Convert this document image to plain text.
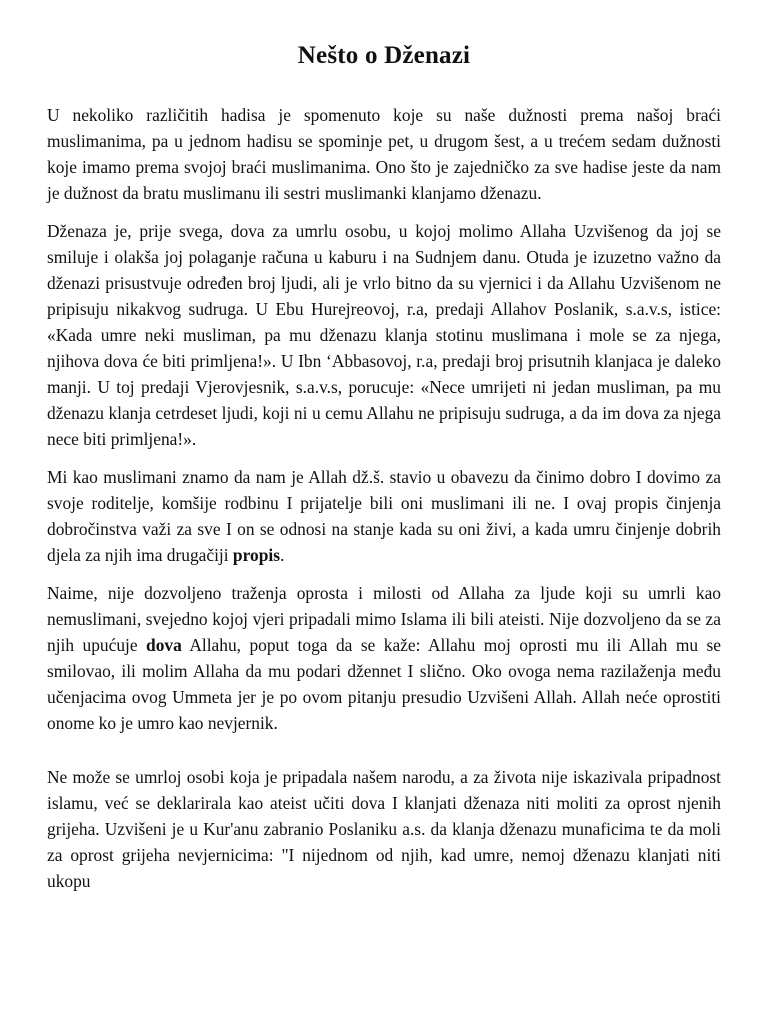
Nešto o Dženazi

U nekoliko različitih hadisa je spomenuto koje su naše dužnosti prema našoj braći muslimanima, pa u jednom hadisu se spominje pet, u drugom šest, a u trećem sedam dužnosti koje imamo prema svojoj braći muslimanima. Ono što je zajedničko za sve hadise jeste da nam je dužnost da bratu muslimanu ili sestri muslimanki klanjamo dženazu.

Dženaza je, prije svega, dova za umrlu osobu, u kojoj molimo Allaha Uzvišenog da joj se smiluje i olakša joj polaganje računa u kaburu i na Sudnjem danu. Otuda je izuzetno važno da dženazi prisustvuje određen broj ljudi, ali je vrlo bitno da su vjernici i da Allahu Uzvišenom ne pripisuju nikakvog sudruga. U Ebu Hurejreovoj, r.a, predaji Allahov Poslanik, s.a.v.s, istice: «Kada umre neki musliman, pa mu dženazu klanja stotinu muslimana i mole se za njega, njihova dova će biti primljena!». U Ibn ‘Abbasovoj, r.a, predaji broj prisutnih klanjaca je daleko manji. U toj predaji Vjerovjesnik, s.a.v.s, porucuje: «Nece umrijeti ni jedan musliman, pa mu dženazu klanja cetrdeset ljudi, koji ni u cemu Allahu ne pripisuju sudruga, a da im dova za njega nece biti primljena!».

Mi kao muslimani znamo da nam je Allah dž.š. stavio u obavezu da činimo dobro I dovimo za svoje roditelje, komšije rodbinu I prijatelje bili oni muslimani ili ne. I ovaj propis činjenja dobročinstva važi za sve I on se odnosi na stanje kada su oni živi, a kada umru činjenje dobrih djela za njih ima drugačiji propis.

Naime, nije dozvoljeno traženja oprosta i milosti od Allaha za ljude koji su umrli kao nemuslimani, svejedno kojoj vjeri pripadali mimo Islama ili bili ateisti. Nije dozvoljeno da se za njih upućuje dova Allahu, poput toga da se kaže: Allahu moj oprosti mu ili Allah mu se smilovao, ili molim Allaha da mu podari džennet I slično. Oko ovoga nema razilaženja među učenjacima ovog Ummeta jer je po ovom pitanju presudio Uzvišeni Allah. Allah neće oprostiti onome ko je umro kao nevjernik.

Ne može se umrloj osobi koja je pripadala našem narodu, a za života nije iskazivala pripadnost islamu, već se deklarirala kao ateist učiti dova I klanjati dženaza niti moliti za oprost njenih grijeha. Uzvišeni je u Kur'anu zabranio Poslaniku a.s. da klanja dženazu munaficima te da moli za oprost grijeha nevjernicima: "I nijednom od njih, kad umre, nemoj dženazu klanjati niti ukopu
